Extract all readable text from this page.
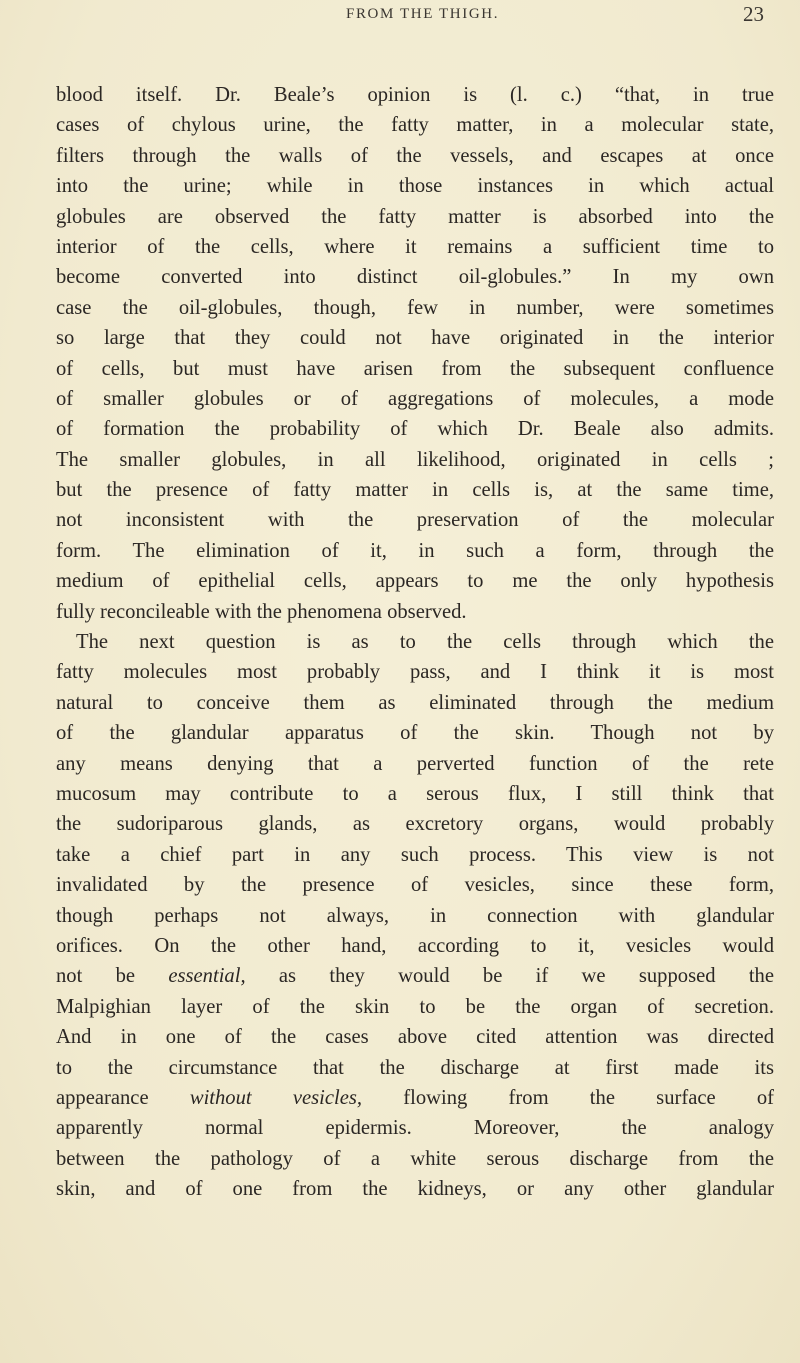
FROM THE THIGH.	23
blood itself. Dr. Beale’s opinion is (l. c.) “that, in true
cases of chylous urine, the fatty matter, in a molecular state,
filters through the walls of the vessels, and escapes at once
into the urine; while in those instances in which actual
globules are observed the fatty matter is absorbed into the
interior of the cells, where it remains a sufficient time to
become converted into distinct oil-globules.” In my own
case the oil-globules, though, few in number, were sometimes
so large that they could not have originated in the interior
of cells, but must have arisen from the subsequent confluence
of smaller globules or of aggregations of molecules, a mode
of formation the probability of which Dr. Beale also admits.
The smaller globules, in all likelihood, originated in cells ;
but the presence of fatty matter in cells is, at the same time,
not inconsistent with the preservation of the molecular
form. The elimination of it, in such a form, through the
medium of epithelial cells, appears to me the only hypothesis
fully reconcileable with the phenomena observed.
The next question is as to the cells through which the
fatty molecules most probably pass, and I think it is most
natural to conceive them as eliminated through the medium
of the glandular apparatus of the skin. Though not by
any means denying that a perverted function of the rete
mucosum may contribute to a serous flux, I still think that
the sudoriparous glands, as excretory organs, would probably
take a chief part in any such process. This view is not
invalidated by the presence of vesicles, since these form,
though perhaps not always, in connection with glandular
orifices. On the other hand, according to it, vesicles would
not be essential, as they would be if we supposed the
Malpighian layer of the skin to be the organ of secretion.
And in one of the cases above cited attention was directed
to the circumstance that the discharge at first made its
appearance without vesicles, flowing from the surface of
apparently normal epidermis. Moreover, the analogy
between the pathology of a white serous discharge from the
skin, and of one from the kidneys, or any other glandular
